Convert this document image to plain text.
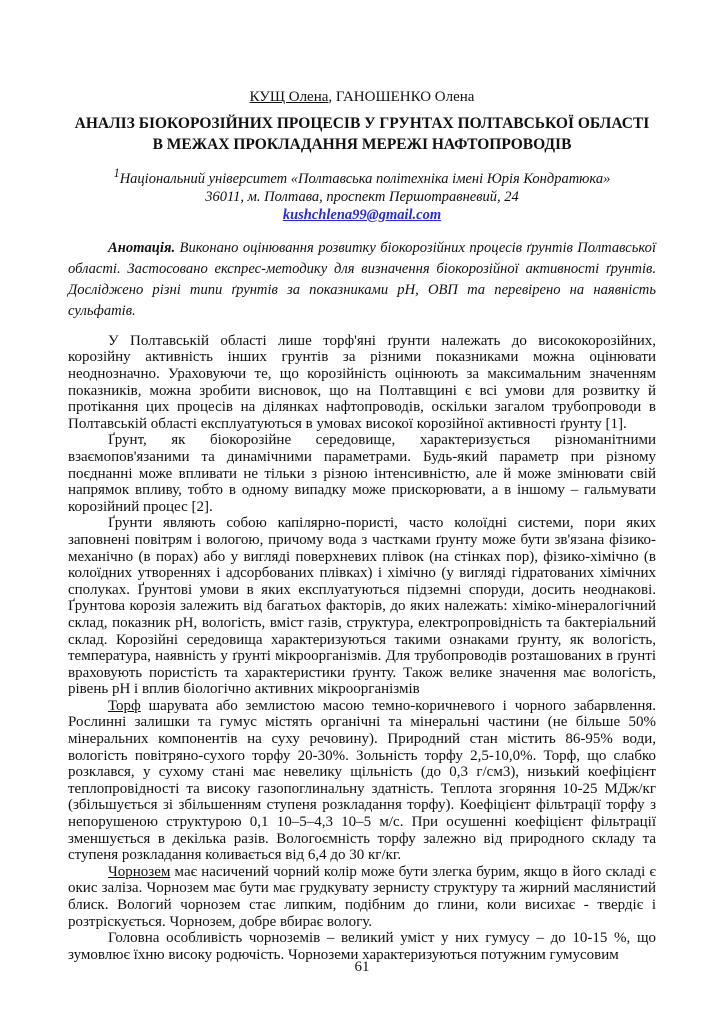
КУЩ Олена, ГАНОШЕНКО Олена
АНАЛІЗ БІОКОРОЗІЙНИХ ПРОЦЕСІВ У ГРУНТАХ ПОЛТАВСЬКОЇ ОБЛАСТІ В МЕЖАХ ПРОКЛАДАННЯ МЕРЕЖІ НАФТОПРОВОДІВ
$^1$Національний університет «Полтавська політехніка імені Юрія Кондратюка»
36011, м. Полтава, проспект Першотравневий, 24
kushchlena99@gmail.com
Анотація. Виконано оцінювання розвитку біокорозійних процесів ґрунтів Полтавської області. Застосовано експрес-методику для визначення біокорозійної активності ґрунтів. Досліджено різні типи ґрунтів за показниками рН, ОВП та перевірено на наявність сульфатів.

У Полтавській області лише торф'яні ґрунти належать до висококорозійних, корозійну активність інших грунтів за різними показниками можна оцінювати неоднозначно. Ураховуючи те, що корозійність оцінюють за максимальним значенням показників, можна зробити висновок, що на Полтавщині є всі умови для розвитку й протікання цих процесів на ділянках нафтопроводів, оскільки загалом трубопроводи в Полтавській області експлуатуються в умовах високої корозійної активності ґрунту [1].

Ґрунт, як біокорозійне середовище, характеризується різноманітними взаємопов'язаними та динамічними параметрами. Будь-який параметр при різному поєднанні може впливати не тільки з різною інтенсивністю, але й може змінювати свій напрямок впливу, тобто в одному випадку може прискорювати, а в іншому – гальмувати корозійний процес [2].

Ґрунти являють собою капілярно-пористі, часто колоїдні системи, пори яких заповнені повітрям і вологою, причому вода з частками ґрунту може бути зв'язана фізико-механічно (в порах) або у вигляді поверхневих плівок (на стінках пор), фізико-хімічно (в колоїдних утвореннях і адсорбованих плівках) і хімічно (у вигляді гідратованих хімічних сполуках. Ґрунтові умови в яких експлуатуються підземні споруди, досить неоднакові. Ґрунтова корозія залежить від багатьох факторів, до яких належать: хіміко-мінералогічний склад, показник рН, вологість, вміст газів, структура, електропровідність та бактеріальний склад. Корозійні середовища характеризуються такими ознаками ґрунту, як вологість, температура, наявність у ґрунті мікроорганізмів. Для трубопроводів розташованих в ґрунті враховують пористість та характеристики ґрунту. Також велике значення має вологість, рівень рН і вплив біологічно активних мікроорганізмів

Торф шарувата або землистою масою темно-коричневого і чорного забарвлення. Рослинні залишки та гумус містять органічні та мінеральні частини (не більше 50% мінеральних компонентів на суху речовину). Природний стан містить 86-95% води, вологість повітряно-сухого торфу 20-30%. Зольність торфу 2,5-10,0%. Торф, що слабко розклався, у сухому стані має невелику щільність (до 0,3 г/см3), низький коефіцієнт теплопровідності та високу газопоглинальну здатність. Теплота згоряння 10-25 МДж/кг (збільшується зі збільшенням ступеня розкладання торфу). Коефіцієнт фільтрації торфу з непорушеною структурою 0,1 10–5–4,3 10–5 м/с. При осушенні коефіцієнт фільтрації зменшується в декілька разів. Вологоємність торфу залежно від природного складу та ступеня розкладання коливається від 6,4 до 30 кг/кг.

Чорнозем має насичений чорний колір може бути злегка бурим, якщо в його складі є окис заліза. Чорнозем має бути має грудкувату зернисту структуру та жирний маслянистий блиск. Вологий чорнозем стає липким, подібним до глини, коли висихає - твердіє і розтріскується. Чорнозем, добре вбирає вологу.

Головна особливість чорноземів – великий уміст у них гумусу – до 10-15 %, що зумовлює їхню високу родючість. Чорноземи характеризуються потужним гумусовим

61
